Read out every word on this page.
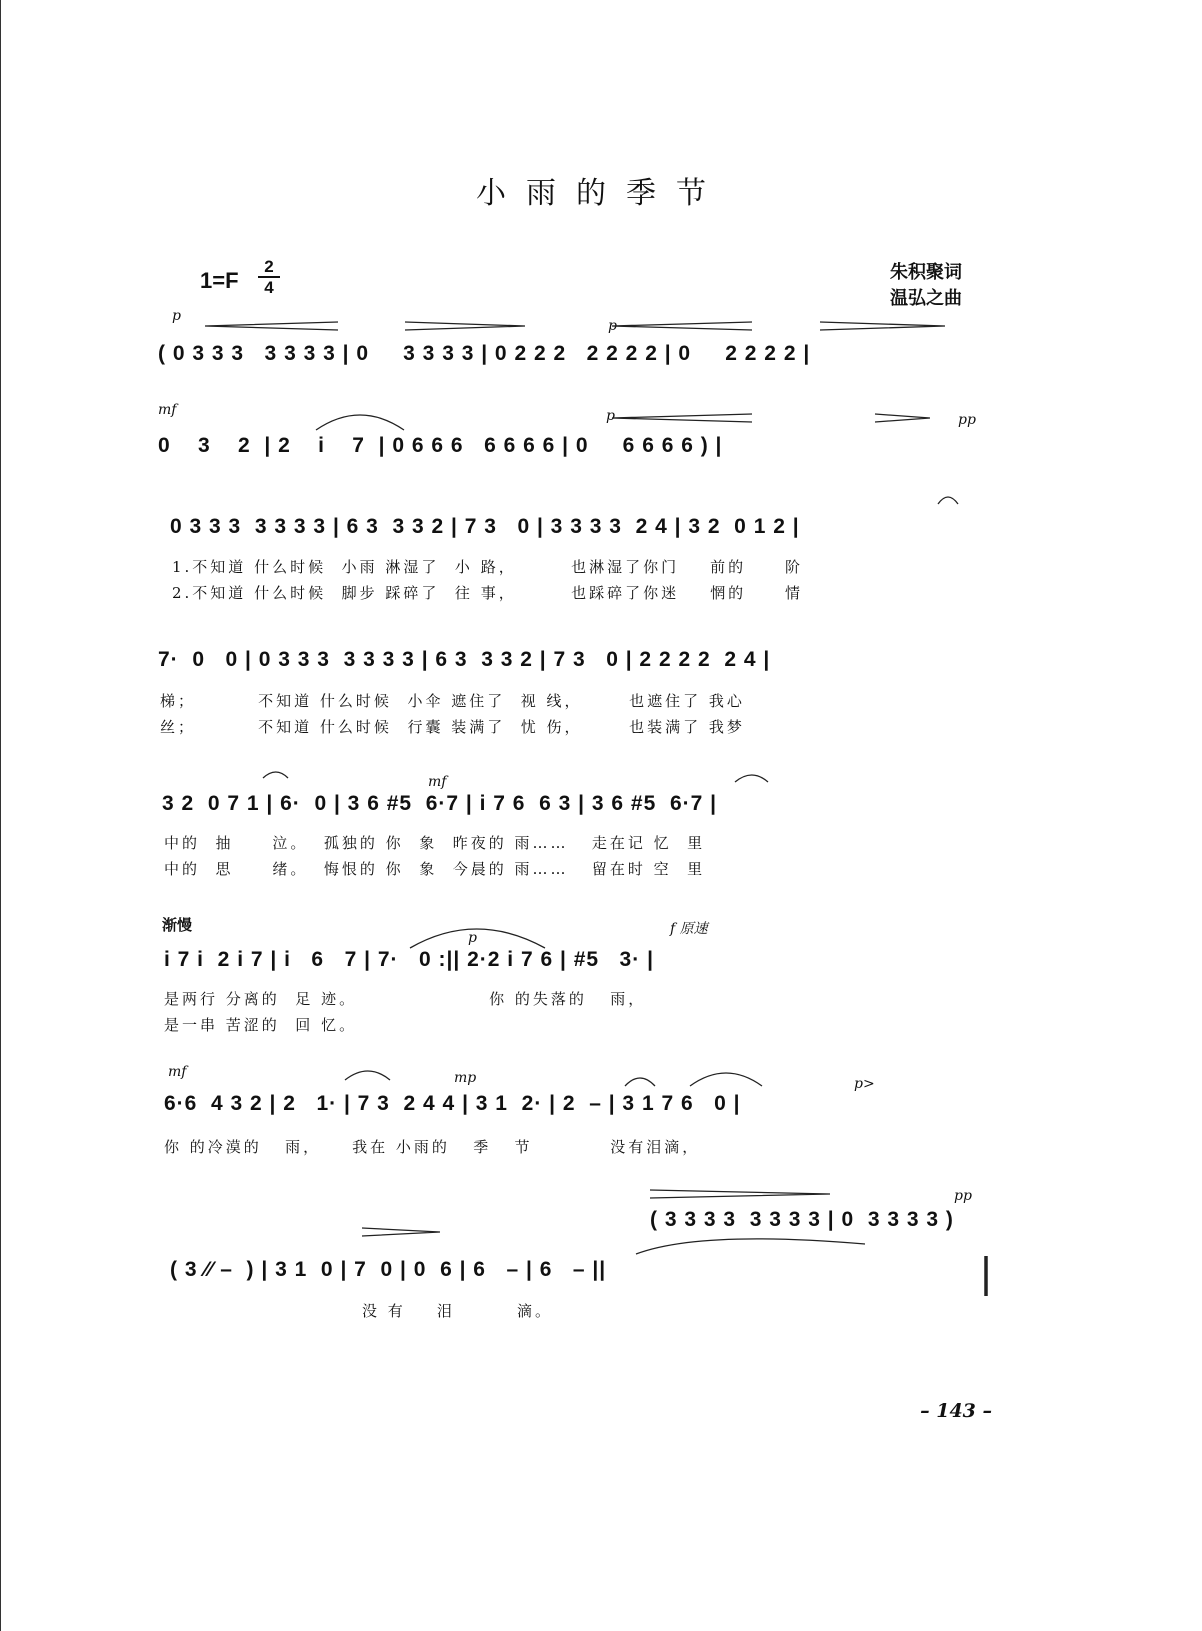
小雨的季节
1=F
2
4
朱积聚词
温弘之曲
p
p
( 0 3 3 3   3 3 3 3 | 0     3 3 3 3 | 0 2 2 2   2 2 2 2 | 0     2 2 2 2 |
mf	p	pp
0    3    2  | 2    i    7  | 0 6 6 6   6 6 6 6 | 0     6 6 6 6 ) |
0 3 3 3  3 3 3 3 | 6 3  3 3 2 | 7 3   0 | 3 3 3 3  2 4 | 3 2  0 1 2 |
1.不知道 什么时候  小雨 淋湿了  小 路，       也淋湿了你门    前的     阶
2.不知道 什么时候  脚步 踩碎了  往 事，       也踩碎了你迷    惘的     情
7·  0   0 | 0 3 3 3  3 3 3 3 | 6 3  3 3 2 | 7 3   0 | 2 2 2 2  2 4 |
梯；        不知道 什么时候  小伞 遮住了  视 线，      也遮住了 我心
丝；        不知道 什么时候  行囊 装满了  忧 伤，      也装满了 我梦
mf
3 2  0 7 1 | 6·  0 | 3 6 #5  6·7 | i 7 6  6 3 | 3 6 #5  6·7 |
中的  抽     泣。  孤独的 你  象  昨夜的 雨……   走在记 忆  里
中的  思     绪。  悔恨的 你  象  今晨的 雨……   留在时 空  里
渐慢	f 原速
p
i 7 i  2 i 7 | i   6   7 | 7·   0 :|| 2·2 i 7 6 | #5   3· |
是两行 分离的  足 迹。                 你 的失落的   雨，
是一串 苦涩的  回 忆。
mf	mp	p>
6·6  4 3 2 | 2   1· | 7 3  2 4 4 | 3 1  2· | 2  – | 3 1 7 6   0 |
你 的冷漠的   雨，    我在 小雨的   季   节          没有泪滴，
pp
( 3 3 3 3  3 3 3 3 | 0  3 3 3 3 )
( 3 ⁄⁄ –  ) | 3 1  0 | 7  0 | 0  6 | 6   – | 6   – ||
没 有    泪        滴。
– 143 –
